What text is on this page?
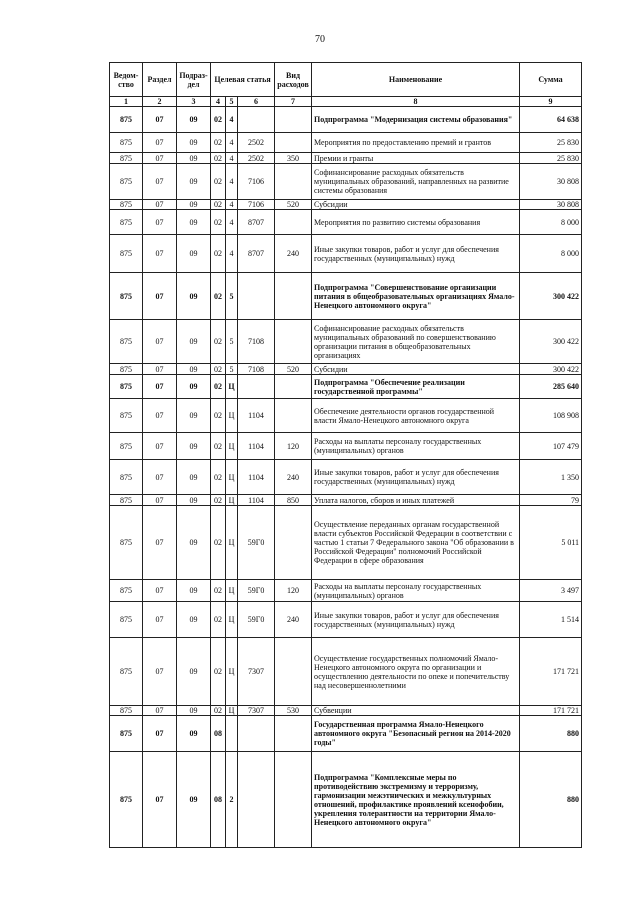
70
Ведом-ство	Раздел	Подраз-дел	Целевая статья			Вид расходов	Наименование	Сумма
1	2	3	4	5	6	7	8	9
875	07	09	02	4			Подпрограмма "Модернизация системы образования"	64 638
875	07	09	02	4	2502		Мероприятия по предоставлению премий и грантов	25 830
875	07	09	02	4	2502	350	Премии и гранты	25 830
875	07	09	02	4	7106		Софинансирование расходных обязательств муниципальных образований, направленных на развитие системы образования	30 808
875	07	09	02	4	7106	520	Субсидии	30 808
875	07	09	02	4	8707		Мероприятия по развитию системы образования	8 000
875	07	09	02	4	8707	240	Иные закупки товаров, работ и услуг для обеспечения государственных (муниципальных) нужд	8 000
875	07	09	02	5			Подпрограмма "Совершенствование организации питания в общеобразовательных организациях Ямало-Ненецкого автономного округа"	300 422
875	07	09	02	5	7108		Софинансирование расходных обязательств муниципальных образований по совершенствованию организации питания в общеобразовательных организациях	300 422
875	07	09	02	5	7108	520	Субсидии	300 422
875	07	09	02	Ц			Подпрограмма "Обеспечение реализации государственной программы"	285 640
875	07	09	02	Ц	1104		Обеспечение деятельности органов государственной власти Ямало-Ненецкого автономного округа	108 908
875	07	09	02	Ц	1104	120	Расходы на выплаты персоналу государственных (муниципальных) органов	107 479
875	07	09	02	Ц	1104	240	Иные закупки товаров, работ и услуг для обеспечения государственных (муниципальных) нужд	1 350
875	07	09	02	Ц	1104	850	Уплата налогов, сборов и иных платежей	79
875	07	09	02	Ц	59Г0		Осуществление переданных органам государственной власти субъектов Российской Федерации в соответствии с частью 1 статьи 7 Федерального закона "Об образовании в Российской Федерации" полномочий Российской Федерации в сфере образования	5 011
875	07	09	02	Ц	59Г0	120	Расходы на выплаты персоналу государственных (муниципальных) органов	3 497
875	07	09	02	Ц	59Г0	240	Иные закупки товаров, работ и услуг для обеспечения государственных (муниципальных) нужд	1 514
875	07	09	02	Ц	7307		Осуществление государственных полномочий Ямало-Ненецкого автономного округа по организации и осуществлению деятельности по опеке и попечительству над несовершеннолетними	171 721
875	07	09	02	Ц	7307	530	Субвенции	171 721
875	07	09	08				Государственная программа Ямало-Ненецкого автономного округа "Безопасный регион на 2014-2020 годы"	880
875	07	09	08	2			Подпрограмма "Комплексные меры по противодействию экстремизму и терроризму, гармонизации межэтнических и межкультурных отношений, профилактике проявлений ксенофобии, укрепления толерантности на территории Ямало-Ненецкого автономного округа"	880
